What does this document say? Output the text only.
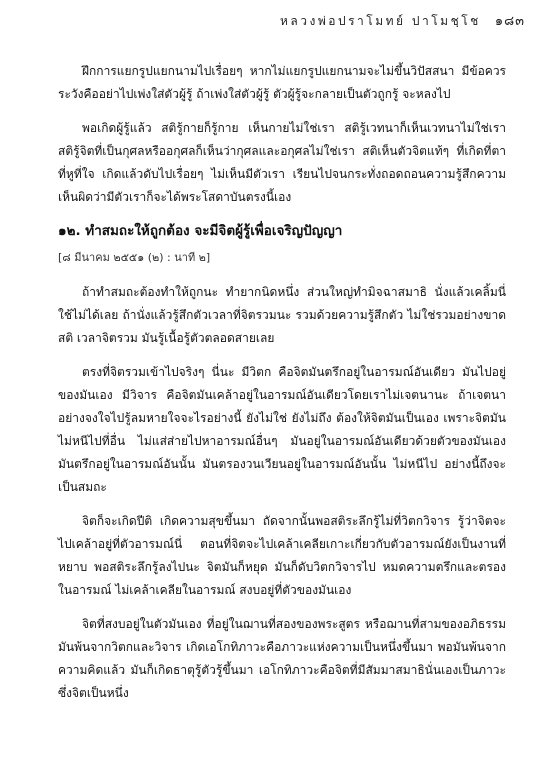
หลวงพ่อปราโมทย์ ปาโมชฺโช ๑๘๓

ฝึกการแยกรูปแยกนามไปเรื่อยๆ หากไม่แยกรูปแยกนามจะไม่ขึ้นวิปัสสนา มีข้อควรระวังคืออย่าไปเพ่งใส่ตัวผู้รู้ ถ้าเพ่งใส่ตัวผู้รู้ ตัวผู้รู้จะกลายเป็นตัวถูกรู้ จะหลงไป

พอเกิดผู้รู้แล้ว สติรู้กายก็รู้กาย เห็นกายไม่ใช่เรา สติรู้เวทนาก็เห็นเวทนาไม่ใช่เรา สติรู้จิตที่เป็นกุศลหรืออกุศลก็เห็นว่ากุศลและอกุศลไม่ใช่เรา สติเห็นตัวจิตแท้ๆ ที่เกิดที่ตา ที่หูที่ใจ เกิดแล้วดับไปเรื่อยๆ ไม่เห็นมีตัวเรา เรียนไปจนกระทั่งถอดถอนความรู้สึกความเห็นผิดว่ามีตัวเราก็จะได้พระโสดาบันตรงนี้เอง

๑๒. ทำสมถะให้ถูกต้อง จะมีจิตผู้รู้เพื่อเจริญปัญญา
[๘ มีนาคม ๒๕๕๑ (๒) : นาที ๒]

ถ้าทำสมถะต้องทำให้ถูกนะ ทำยากนิดหนึ่ง ส่วนใหญ่ทำมิจฉาสมาธิ นั่งแล้วเคลิ้มนี่ใช้ไม่ได้เลย ถ้านั่งแล้วรู้สึกตัวเวลาที่จิตรวมนะ รวมด้วยความรู้สึกตัว ไม่ใช่รวมอย่างขาดสติ เวลาจิตรวม มันรู้เนื้อรู้ตัวตลอดสายเลย

ตรงที่จิตรวมเข้าไปจริงๆ นี่นะ มีวิตก คือจิตมันตรึกอยู่ในอารมณ์อันเดียว มันไปอยู่ของมันเอง มีวิจาร คือจิตมันเคล้าอยู่ในอารมณ์อันเดียวโดยเราไม่เจตนานะ ถ้าเจตนาอย่างจงใจไปรู้ลมหายใจจะไรอย่างนี้ ยังไม่ใช่ ยังไม่ถึง ต้องให้จิตมันเป็นเอง เพราะจิตมันไม่หนีไปที่อื่น ไม่แส่ส่ายไปหาอารมณ์อื่นๆ มันอยู่ในอารมณ์อันเดียวด้วยตัวของมันเอง มันตรึกอยู่ในอารมณ์อันนั้น มันตรองวนเวียนอยู่ในอารมณ์อันนั้น ไม่หนีไป อย่างนี้ถึงจะเป็นสมถะ

จิตก็จะเกิดปีติ เกิดความสุขขึ้นมา ถัดจากนั้นพอสติระลึกรู้ไม่ที่วิตกวิจาร รู้ว่าจิตจะไปเคล้าอยู่ที่ตัวอารมณ์นี่ ตอนที่จิตจะไปเคล้าเคลียเกาะเกี่ยวกับตัวอารมณ์ยังเป็นงานที่หยาบ พอสติระลึกรู้ลงไปนะ จิตมันก็หยุด มันก็ดับวิตกวิจารไป หมดความตรึกและตรองในอารมณ์ ไม่เคล้าเคลียในอารมณ์ สงบอยู่ที่ตัวของมันเอง

จิตที่สงบอยู่ในตัวมันเอง ที่อยู่ในฌานที่สองของพระสูตร หรือฌานที่สามของอภิธรรม มันพ้นจากวิตกและวิจาร เกิดเอโกทิภาวะคือภาวะแห่งความเป็นหนึ่งขึ้นมา พอมันพ้นจากความคิดแล้ว มันก็เกิดธาตุรู้ตัวรู้ขึ้นมา เอโกทิภาวะคือจิตที่มีสัมมาสมาธินั่นเองเป็นภาวะซึ่งจิตเป็นหนึ่ง
